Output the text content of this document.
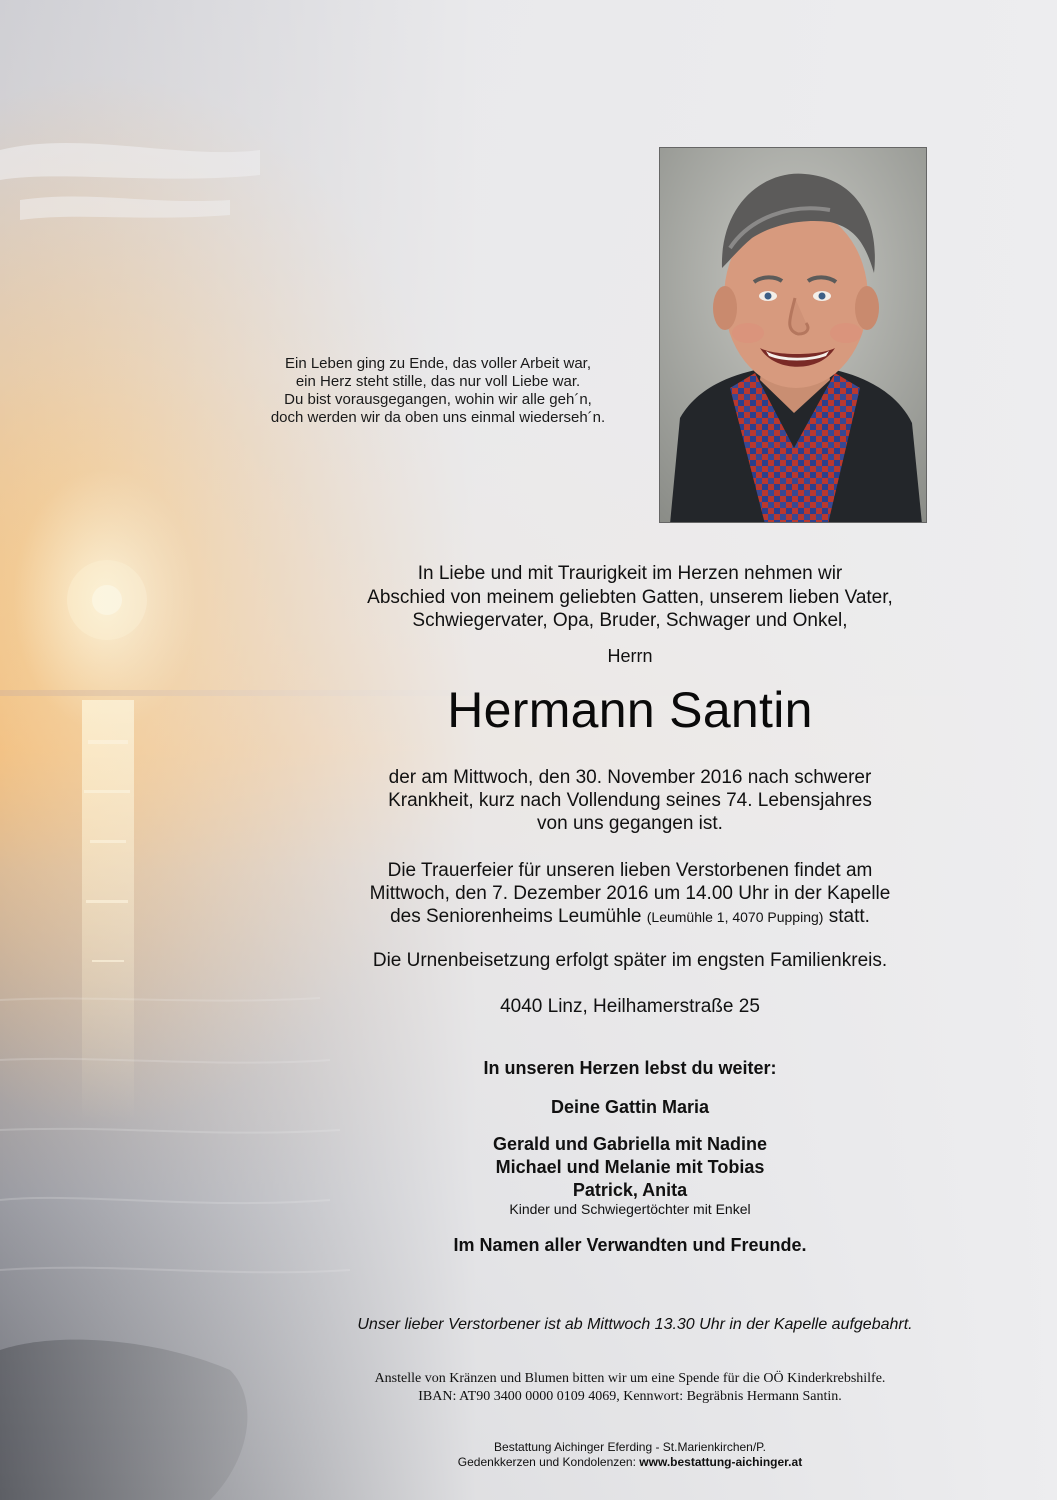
Ein Leben ging zu Ende, das voller Arbeit war,
ein Herz steht stille, das nur voll Liebe war.
Du bist vorausgegangen, wohin wir alle geh´n,
doch werden wir da oben uns einmal wiederseh´n.
In Liebe und mit Traurigkeit im Herzen nehmen wir
Abschied von meinem geliebten Gatten, unserem lieben Vater,
Schwiegervater, Opa, Bruder, Schwager und Onkel,
Herrn
Hermann Santin
der am Mittwoch, den 30. November 2016 nach schwerer
Krankheit, kurz nach Vollendung seines 74. Lebensjahres
von uns gegangen ist.
Die Trauerfeier für unseren lieben Verstorbenen findet am
Mittwoch, den 7. Dezember 2016 um 14.00 Uhr in der Kapelle
des Seniorenheims Leumühle (Leumühle 1, 4070 Pupping) statt.
Die Urnenbeisetzung erfolgt später im engsten Familienkreis.
4040 Linz, Heilhamerstraße 25
In unseren Herzen lebst du weiter:
Deine Gattin Maria
Gerald und Gabriella mit Nadine
Michael und Melanie mit Tobias
Patrick, Anita
Kinder und Schwiegertöchter mit Enkel
Im Namen aller Verwandten und Freunde.
Unser lieber Verstorbener ist ab Mittwoch 13.30 Uhr in der Kapelle aufgebahrt.
Anstelle von Kränzen und Blumen bitten wir um eine Spende für die OÖ Kinderkrebshilfe.
IBAN: AT90 3400 0000 0109 4069, Kennwort: Begräbnis Hermann Santin.
Bestattung Aichinger Eferding - St.Marienkirchen/P.
Gedenkkerzen und Kondolenzen: www.bestattung-aichinger.at
